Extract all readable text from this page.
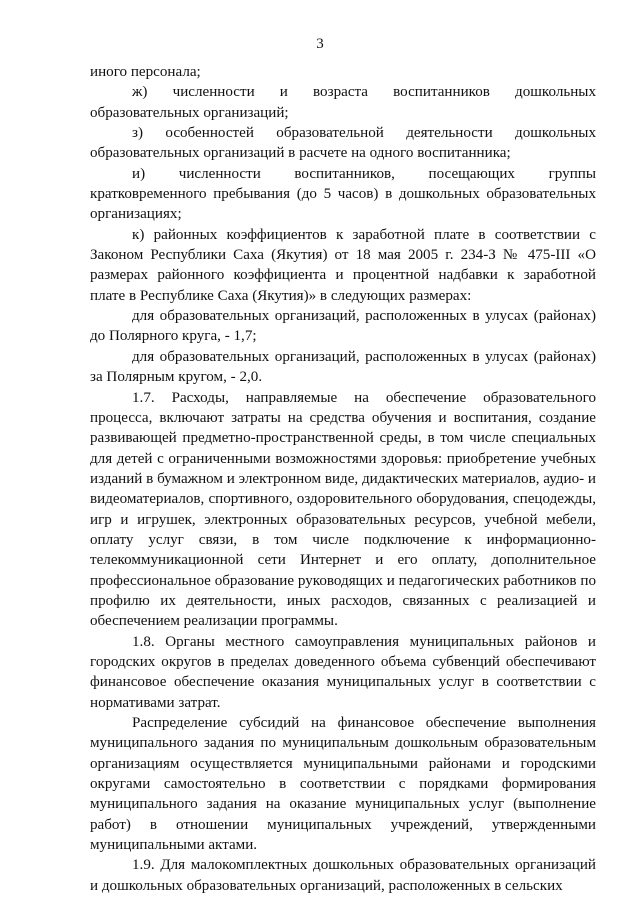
3

иного персонала;

ж) численности и возраста воспитанников дошкольных образовательных организаций;

з) особенностей образовательной деятельности дошкольных образовательных организаций в расчете на одного воспитанника;

и) численности воспитанников, посещающих группы кратковременного пребывания (до 5 часов) в дошкольных образовательных организациях;

к) районных коэффициентов к заработной плате в соответствии с Законом Республики Саха (Якутия) от 18 мая 2005 г. 234-З № 475-III «О размерах районного коэффициента и процентной надбавки к заработной плате в Республике Саха (Якутия)» в следующих размерах:

для образовательных организаций, расположенных в улусах (районах) до Полярного круга, - 1,7;

для образовательных организаций, расположенных в улусах (районах) за Полярным кругом, - 2,0.

1.7. Расходы, направляемые на обеспечение образовательного процесса, включают затраты на средства обучения и воспитания, создание развивающей предметно-пространственной среды, в том числе специальных для детей с ограниченными возможностями здоровья: приобретение учебных изданий в бумажном и электронном виде, дидактических материалов, аудио- и видеоматериалов, спортивного, оздоровительного оборудования, спецодежды, игр и игрушек, электронных образовательных ресурсов, учебной мебели, оплату услуг связи, в том числе подключение к информационно-телекоммуникационной сети Интернет и его оплату, дополнительное профессиональное образование руководящих и педагогических работников по профилю их деятельности, иных расходов, связанных с реализацией и обеспечением реализации программы.

1.8. Органы местного самоуправления муниципальных районов и городских округов в пределах доведенного объема субвенций обеспечивают финансовое обеспечение оказания муниципальных услуг в соответствии с нормативами затрат.

Распределение субсидий на финансовое обеспечение выполнения муниципального задания по муниципальным дошкольным образовательным организациям осуществляется муниципальными районами и городскими округами самостоятельно в соответствии с порядками формирования муниципального задания на оказание муниципальных услуг (выполнение работ) в отношении муниципальных учреждений, утвержденными муниципальными актами.

1.9. Для малокомплектных дошкольных образовательных организаций и дошкольных образовательных организаций, расположенных в сельских
